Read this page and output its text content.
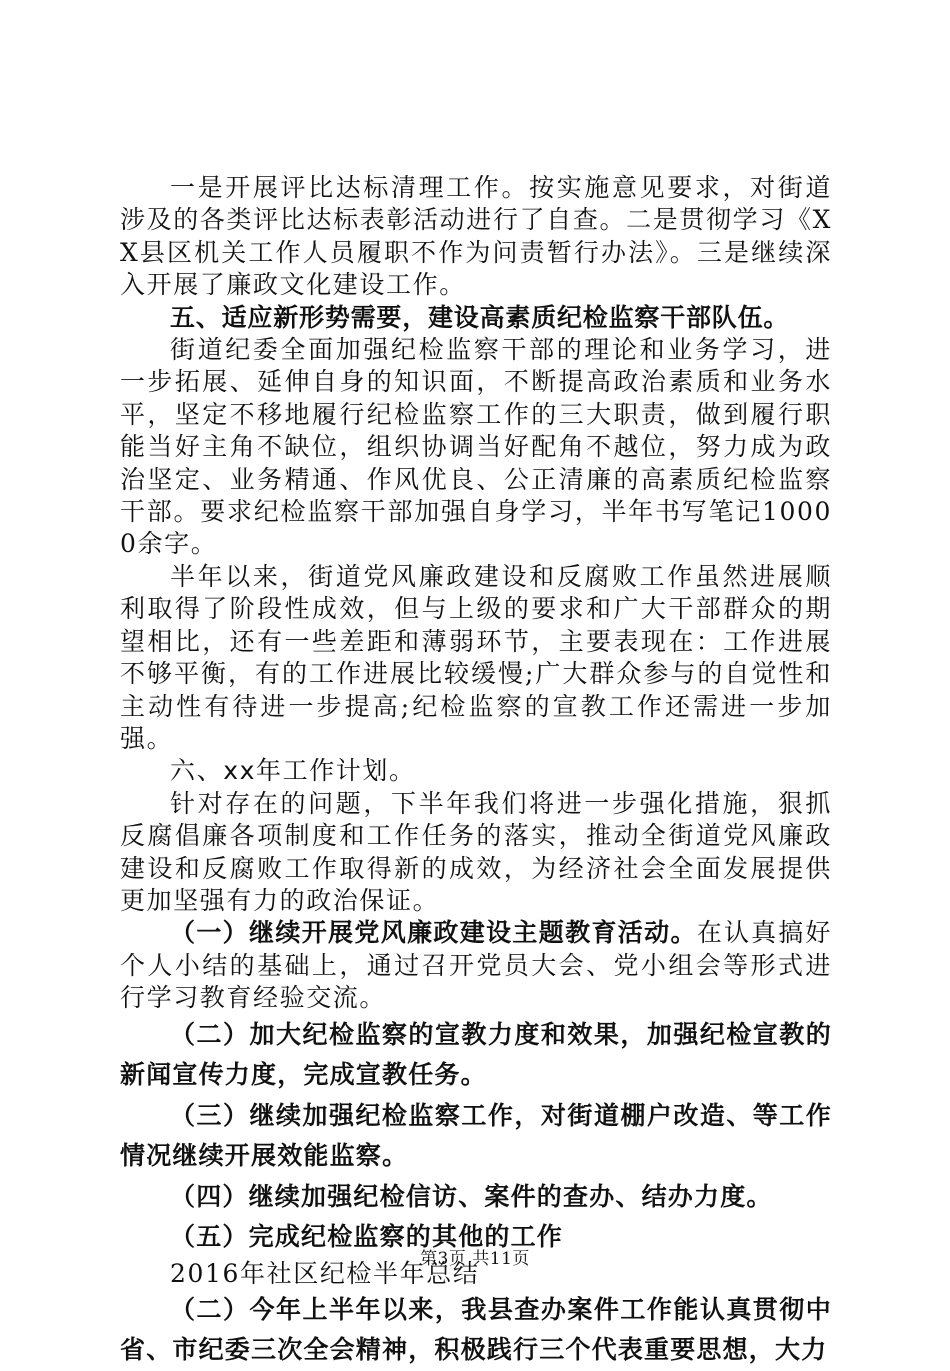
一是开展评比达标清理工作。按实施意见要求，对街道涉及的各类评比达标表彰活动进行了自查。二是贯彻学习《XX县区机关工作人员履职不作为问责暂行办法》。三是继续深入开展了廉政文化建设工作。

五、适应新形势需要，建设高素质纪检监察干部队伍。

街道纪委全面加强纪检监察干部的理论和业务学习，进一步拓展、延伸自身的知识面，不断提高政治素质和业务水平，坚定不移地履行纪检监察工作的三大职责，做到履行职能当好主角不缺位，组织协调当好配角不越位，努力成为政治坚定、业务精通、作风优良、公正清廉的高素质纪检监察干部。要求纪检监察干部加强自身学习，半年书写笔记10000余字。

半年以来，街道党风廉政建设和反腐败工作虽然进展顺利取得了阶段性成效，但与上级的要求和广大干部群众的期望相比，还有一些差距和薄弱环节，主要表现在：工作进展不够平衡，有的工作进展比较缓慢;广大群众参与的自觉性和主动性有待进一步提高;纪检监察的宣教工作还需进一步加强。

六、xx年工作计划。

针对存在的问题，下半年我们将进一步强化措施，狠抓反腐倡廉各项制度和工作任务的落实，推动全街道党风廉政建设和反腐败工作取得新的成效，为经济社会全面发展提供更加坚强有力的政治保证。

（一）继续开展党风廉政建设主题教育活动。在认真搞好个人小结的基础上，通过召开党员大会、党小组会等形式进行学习教育经验交流。

（二）加大纪检监察的宣教力度和效果，加强纪检宣教的新闻宣传力度，完成宣教任务。

（三）继续加强纪检监察工作，对街道棚户改造、等工作情况继续开展效能监察。

（四）继续加强纪检信访、案件的查办、结办力度。

（五）完成纪检监察的其他的工作

2016年社区纪检半年总结

（二）今年上半年以来，我县查办案件工作能认真贯彻中省、市纪委三次全会精神，积极践行三个代表重要思想，大力

第3页 共11页
